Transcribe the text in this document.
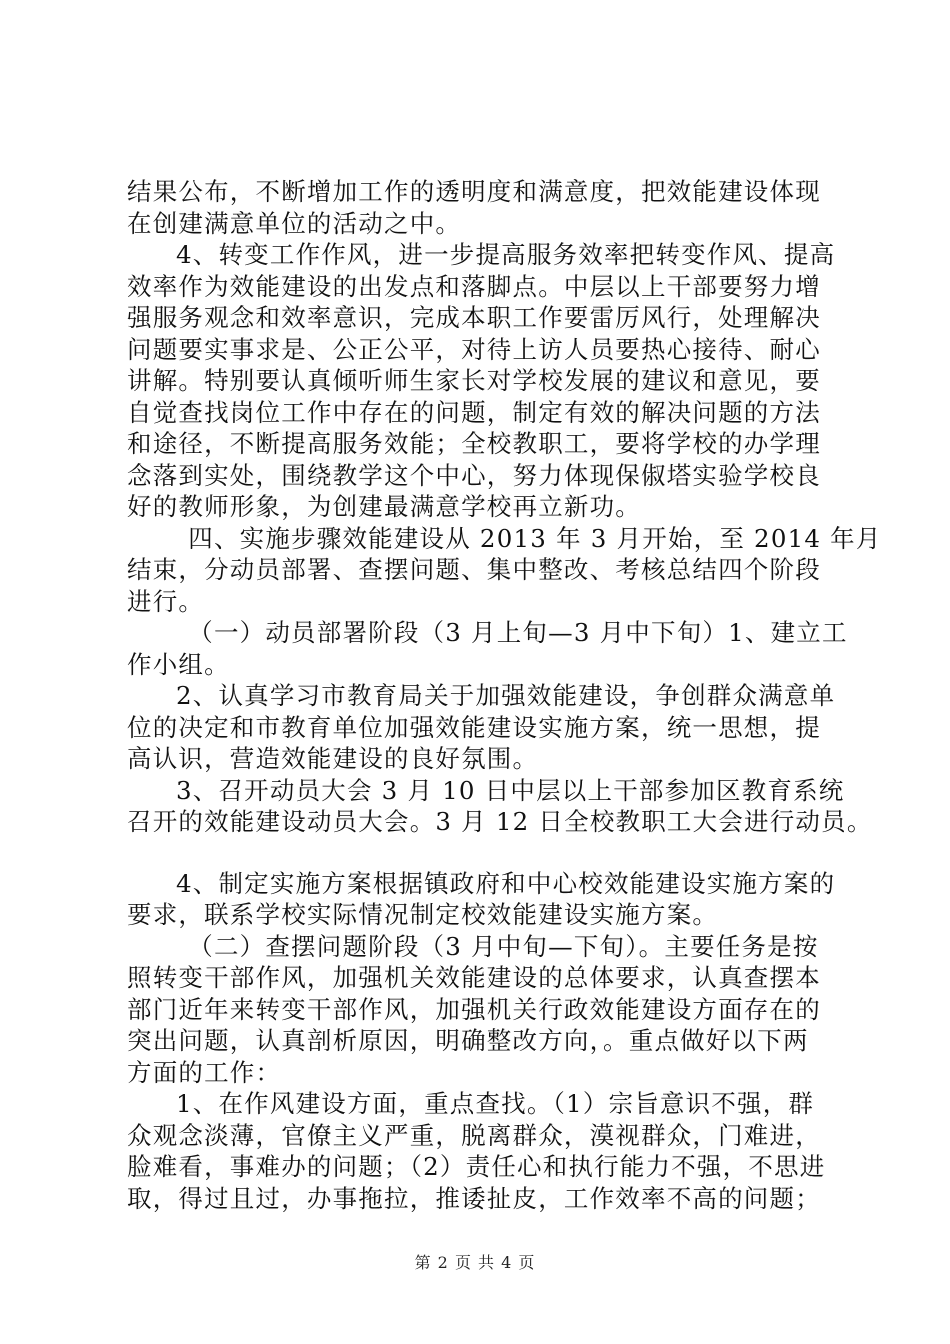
结果公布，不断增加工作的透明度和满意度，把效能建设体现
在创建满意单位的活动之中。
4、转变工作作风，进一步提高服务效率把转变作风、提高
效率作为效能建设的出发点和落脚点。中层以上干部要努力增
强服务观念和效率意识，完成本职工作要雷厉风行，处理解决
问题要实事求是、公正公平，对待上访人员要热心接待、耐心
讲解。特别要认真倾听师生家长对学校发展的建议和意见，要
自觉查找岗位工作中存在的问题，制定有效的解决问题的方法
和途径，不断提高服务效能；全校教职工，要将学校的办学理
念落到实处，围绕教学这个中心，努力体现保俶塔实验学校良
好的教师形象，为创建最满意学校再立新功。
四、实施步骤效能建设从 2013 年 3 月开始，至 2014 年月
结束，分动员部署、查摆问题、集中整改、考核总结四个阶段
进行。
（一）动员部署阶段（3 月上旬—3 月中下旬）1、建立工
作小组。
2、认真学习市教育局关于加强效能建设，争创群众满意单
位的决定和市教育单位加强效能建设实施方案，统一思想，提
高认识，营造效能建设的良好氛围。
3、召开动员大会 3 月 10 日中层以上干部参加区教育系统
召开的效能建设动员大会。3 月 12 日全校教职工大会进行动员。
4、制定实施方案根据镇政府和中心校效能建设实施方案的
要求，联系学校实际情况制定校效能建设实施方案。
（二）查摆问题阶段（3 月中旬—下旬）。主要任务是按
照转变干部作风，加强机关效能建设的总体要求，认真查摆本
部门近年来转变干部作风，加强机关行政效能建设方面存在的
突出问题，认真剖析原因，明确整改方向，。重点做好以下两
方面的工作：
1、在作风建设方面，重点查找。（1）宗旨意识不强，群
众观念淡薄，官僚主义严重，脱离群众，漠视群众，门难进，
脸难看，事难办的问题；（2）责任心和执行能力不强，不思进
取，得过且过，办事拖拉，推诿扯皮，工作效率不高的问题；
第 2 页 共 4 页
